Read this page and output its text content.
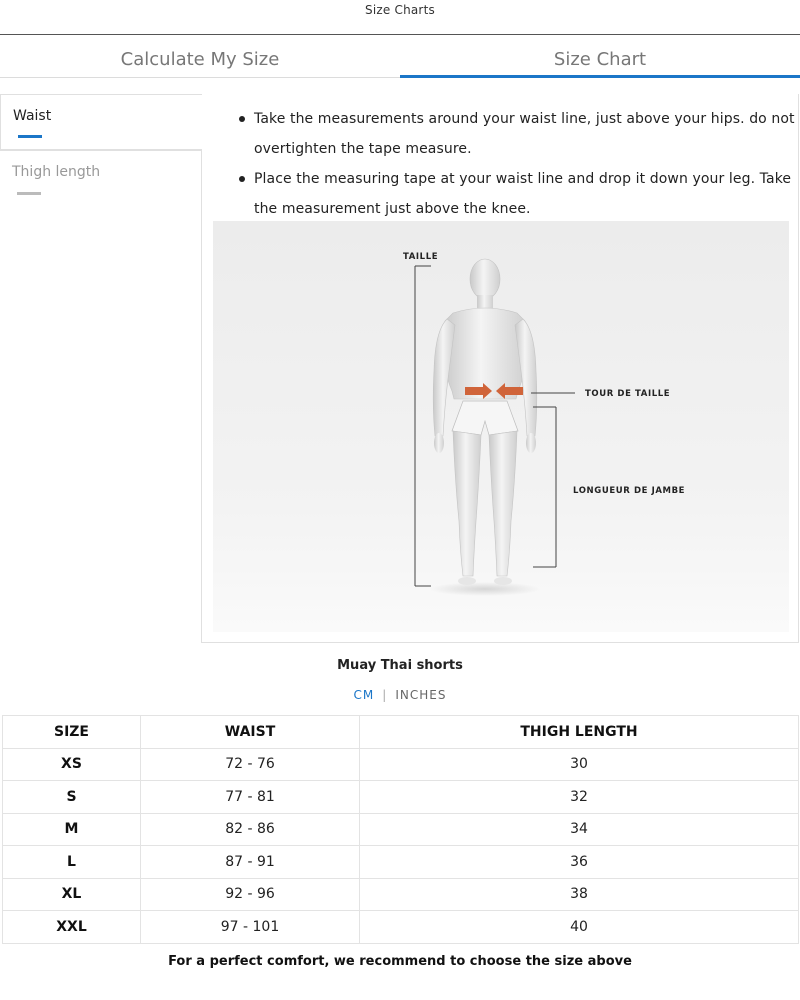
Size Charts
Calculate My Size	Size Chart
Waist
Thigh length
Take the measurements around your waist line, just above your hips. do not overtighten the tape measure.
Place the measuring tape at your waist line and drop it down your leg. Take the measurement just above the knee.
TAILLE
TOUR DE TAILLE
LONGUEUR DE JAMBE
Muay Thai shorts
CM | INCHES
SIZE	WAIST	THIGH LENGTH
XS	72 - 76	30
S	77 - 81	32
M	82 - 86	34
L	87 - 91	36
XL	92 - 96	38
XXL	97 - 101	40
For a perfect comfort, we recommend to choose the size above
